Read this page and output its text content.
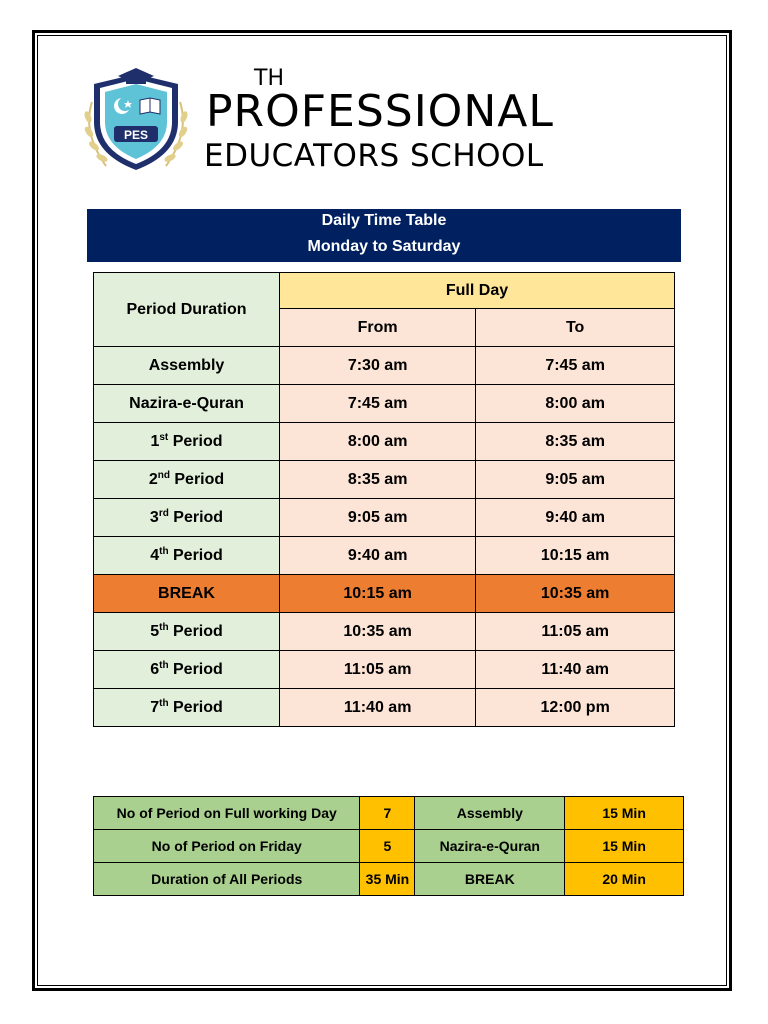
PES
TH
PROFESSIONAL
EDUCATORS SCHOOL
Daily Time Table
Monday to Saturday
Period Duration	Full Day	
	From	To
Assembly	7:30 am	7:45 am
Nazira-e-Quran	7:45 am	8:00 am
1st Period	8:00 am	8:35 am
2nd Period	8:35 am	9:05 am
3rd Period	9:05 am	9:40 am
4th Period	9:40 am	10:15 am
BREAK	10:15 am	10:35 am
5th Period	10:35 am	11:05 am
6th Period	11:05 am	11:40 am
7th Period	11:40 am	12:00 pm
No of Period on Full working Day	7	Assembly	15 Min
No of Period on Friday	5	Nazira-e-Quran	15 Min
Duration of All Periods	35 Min	BREAK	20 Min
